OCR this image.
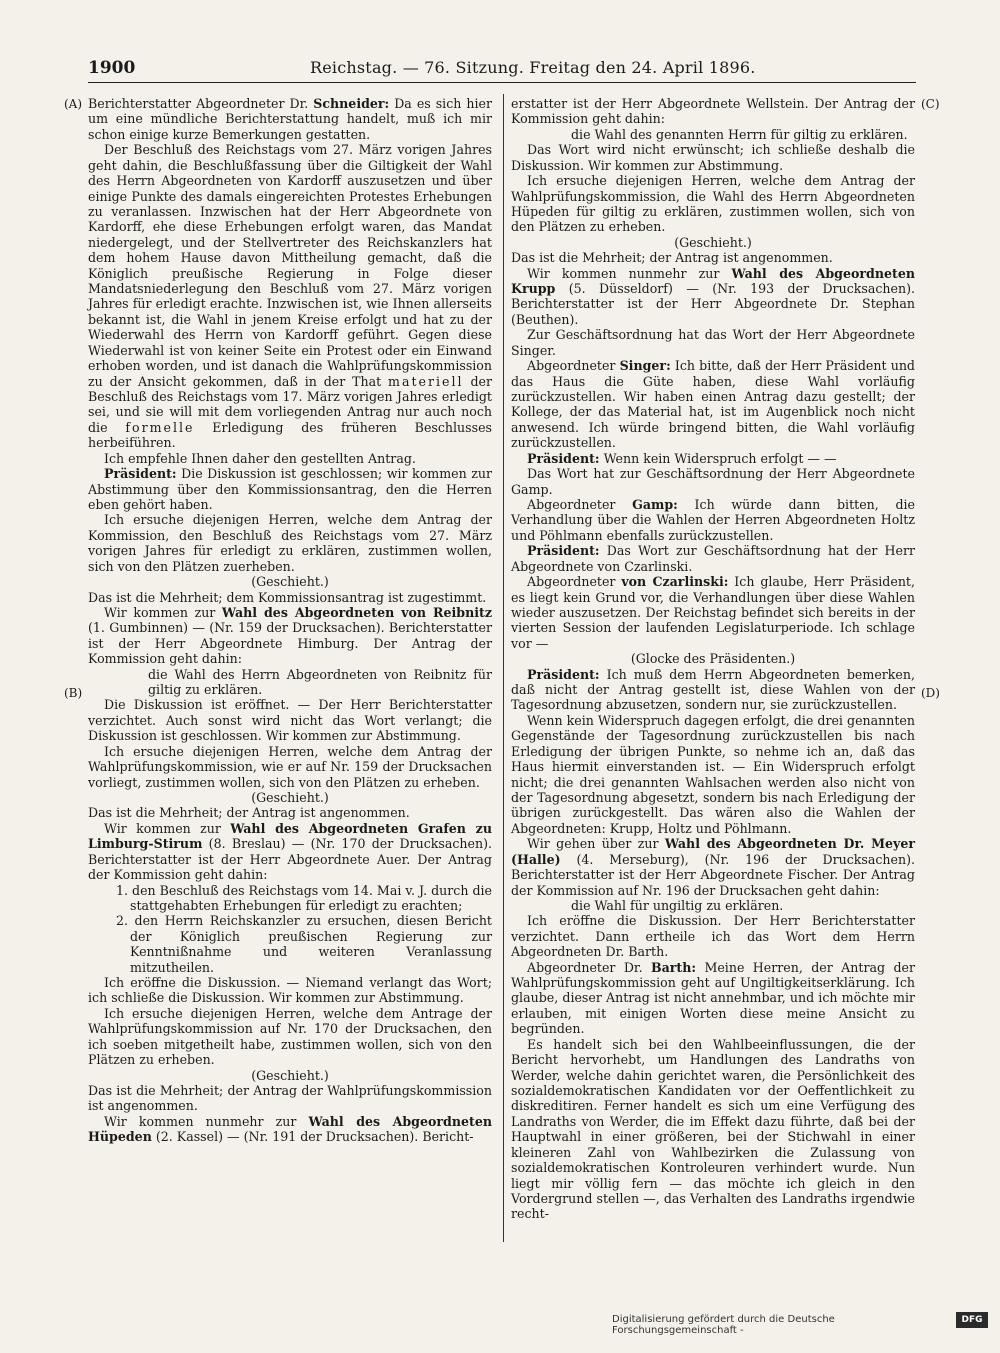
1900	Reichstag. — 76. Sitzung. Freitag den 24. April 1896.
(A)
(B)
(C)
(D)

Berichterstatter Abgeordneter Dr. Schneider: Da es sich hier um eine mündliche Berichterstattung handelt, muß ich mir schon einige kurze Bemerkungen gestatten.

Der Beschluß des Reichstags vom 27. März vorigen Jahres geht dahin, die Beschlußfassung über die Giltigkeit der Wahl des Herrn Abgeordneten von Kardorff auszusetzen und über einige Punkte des damals eingereichten Protestes Erhebungen zu veranlassen. Inzwischen hat der Herr Abgeordnete von Kardorff, ehe diese Erhebungen erfolgt waren, das Mandat niedergelegt, und der Stellvertreter des Reichskanzlers hat dem hohem Hause davon Mittheilung gemacht, daß die Königlich preußische Regierung in Folge dieser Mandatsniederlegung den Beschluß vom 27. März vorigen Jahres für erledigt erachte. Inzwischen ist, wie Ihnen allerseits bekannt ist, die Wahl in jenem Kreise erfolgt und hat zu der Wiederwahl des Herrn von Kardorff geführt. Gegen diese Wiederwahl ist von keiner Seite ein Protest oder ein Einwand erhoben worden, und ist danach die Wahlprüfungskommission zu der Ansicht gekommen, daß in der That materiell der Beschluß des Reichstags vom 17. März vorigen Jahres erledigt sei, und sie will mit dem vorliegenden Antrag nur auch noch die formelle Erledigung des früheren Beschlusses herbeiführen.

Ich empfehle Ihnen daher den gestellten Antrag.

Präsident: Die Diskussion ist geschlossen; wir kommen zur Abstimmung über den Kommissionsantrag, den die Herren eben gehört haben.

Ich ersuche diejenigen Herren, welche dem Antrag der Kommission, den Beschluß des Reichstags vom 27. März vorigen Jahres für erledigt zu erklären, zustimmen wollen, sich von den Plätzen zuerheben.

(Geschieht.)

Das ist die Mehrheit; dem Kommissionsantrag ist zugestimmt.

Wir kommen zur Wahl des Abgeordneten von Reibnitz (1. Gumbinnen) — (Nr. 159 der Drucksachen). Berichterstatter ist der Herr Abgeordnete Himburg. Der Antrag der Kommission geht dahin:

die Wahl des Herrn Abgeordneten von Reibnitz für giltig zu erklären.

Die Diskussion ist eröffnet. — Der Herr Berichterstatter verzichtet. Auch sonst wird nicht das Wort verlangt; die Diskussion ist geschlossen. Wir kommen zur Abstimmung.

Ich ersuche diejenigen Herren, welche dem Antrag der Wahlprüfungskommission, wie er auf Nr. 159 der Drucksachen vorliegt, zustimmen wollen, sich von den Plätzen zu erheben.

(Geschieht.)

Das ist die Mehrheit; der Antrag ist angenommen.

Wir kommen zur Wahl des Abgeordneten Grafen zu Limburg-Stirum (8. Breslau) — (Nr. 170 der Drucksachen). Berichterstatter ist der Herr Abgeordnete Auer. Der Antrag der Kommission geht dahin:

1. den Beschluß des Reichstags vom 14. Mai v. J. durch die stattgehabten Erhebungen für erledigt zu erachten;

2. den Herrn Reichskanzler zu ersuchen, diesen Bericht der Königlich preußischen Regierung zur Kenntnißnahme und weiteren Veranlassung mitzutheilen.

Ich eröffne die Diskussion. — Niemand verlangt das Wort; ich schließe die Diskussion. Wir kommen zur Abstimmung.

Ich ersuche diejenigen Herren, welche dem Antrage der Wahlprüfungskommission auf Nr. 170 der Drucksachen, den ich soeben mitgetheilt habe, zustimmen wollen, sich von den Plätzen zu erheben.

(Geschieht.)

Das ist die Mehrheit; der Antrag der Wahlprüfungskommission ist angenommen.

Wir kommen nunmehr zur Wahl des Abgeordneten Hüpeden (2. Kassel) — (Nr. 191 der Drucksachen). Bericht-

erstatter ist der Herr Abgeordnete Wellstein. Der Antrag der Kommission geht dahin:

die Wahl des genannten Herrn für giltig zu erklären.

Das Wort wird nicht erwünscht; ich schließe deshalb die Diskussion. Wir kommen zur Abstimmung.

Ich ersuche diejenigen Herren, welche dem Antrag der Wahlprüfungskommission, die Wahl des Herrn Abgeordneten Hüpeden für giltig zu erklären, zustimmen wollen, sich von den Plätzen zu erheben.

(Geschieht.)

Das ist die Mehrheit; der Antrag ist angenommen.

Wir kommen nunmehr zur Wahl des Abgeordneten Krupp (5. Düsseldorf) — (Nr. 193 der Drucksachen). Berichterstatter ist der Herr Abgeordnete Dr. Stephan (Beuthen).

Zur Geschäftsordnung hat das Wort der Herr Abgeordnete Singer.

Abgeordneter Singer: Ich bitte, daß der Herr Präsident und das Haus die Güte haben, diese Wahl vorläufig zurückzustellen. Wir haben einen Antrag dazu gestellt; der Kollege, der das Material hat, ist im Augenblick noch nicht anwesend. Ich würde bringend bitten, die Wahl vorläufig zurückzustellen.

Präsident: Wenn kein Widerspruch erfolgt — —

Das Wort hat zur Geschäftsordnung der Herr Abgeordnete Gamp.

Abgeordneter Gamp: Ich würde dann bitten, die Verhandlung über die Wahlen der Herren Abgeordneten Holtz und Pöhlmann ebenfalls zurückzustellen.

Präsident: Das Wort zur Geschäftsordnung hat der Herr Abgeordnete von Czarlinski.

Abgeordneter von Czarlinski: Ich glaube, Herr Präsident, es liegt kein Grund vor, die Verhandlungen über diese Wahlen wieder auszusetzen. Der Reichstag befindet sich bereits in der vierten Session der laufenden Legislaturperiode. Ich schlage vor —

(Glocke des Präsidenten.)

Präsident: Ich muß dem Herrn Abgeordneten bemerken, daß nicht der Antrag gestellt ist, diese Wahlen von der Tagesordnung abzusetzen, sondern nur, sie zurückzustellen.

Wenn kein Widerspruch dagegen erfolgt, die drei genannten Gegenstände der Tagesordnung zurückzustellen bis nach Erledigung der übrigen Punkte, so nehme ich an, daß das Haus hiermit einverstanden ist. — Ein Widerspruch erfolgt nicht; die drei genannten Wahlsachen werden also nicht von der Tagesordnung abgesetzt, sondern bis nach Erledigung der übrigen zurückgestellt. Das wären also die Wahlen der Abgeordneten: Krupp, Holtz und Pöhlmann.

Wir gehen über zur Wahl des Abgeordneten Dr. Meyer (Halle) (4. Merseburg), (Nr. 196 der Drucksachen). Berichterstatter ist der Herr Abgeordnete Fischer. Der Antrag der Kommission auf Nr. 196 der Drucksachen geht dahin:

die Wahl für ungiltig zu erklären.

Ich eröffne die Diskussion. Der Herr Berichterstatter verzichtet. Dann ertheile ich das Wort dem Herrn Abgeordneten Dr. Barth.

Abgeordneter Dr. Barth: Meine Herren, der Antrag der Wahlprüfungskommission geht auf Ungiltigkeitserklärung. Ich glaube, dieser Antrag ist nicht annehmbar, und ich möchte mir erlauben, mit einigen Worten diese meine Ansicht zu begründen.

Es handelt sich bei den Wahlbeeinflussungen, die der Bericht hervorhebt, um Handlungen des Landraths von Werder, welche dahin gerichtet waren, die Persönlichkeit des sozialdemokratischen Kandidaten vor der Oeffentlichkeit zu diskreditiren. Ferner handelt es sich um eine Verfügung des Landraths von Werder, die im Effekt dazu führte, daß bei der Hauptwahl in einer größeren, bei der Stichwahl in einer kleineren Zahl von Wahlbezirken die Zulassung von sozialdemokratischen Kontroleuren verhindert wurde. Nun liegt mir völlig fern — das möchte ich gleich in den Vordergrund stellen —, das Verhalten des Landraths irgendwie recht-

Digitalisierung gefördert durch die Deutsche Forschungsgemeinschaft -
DFG
